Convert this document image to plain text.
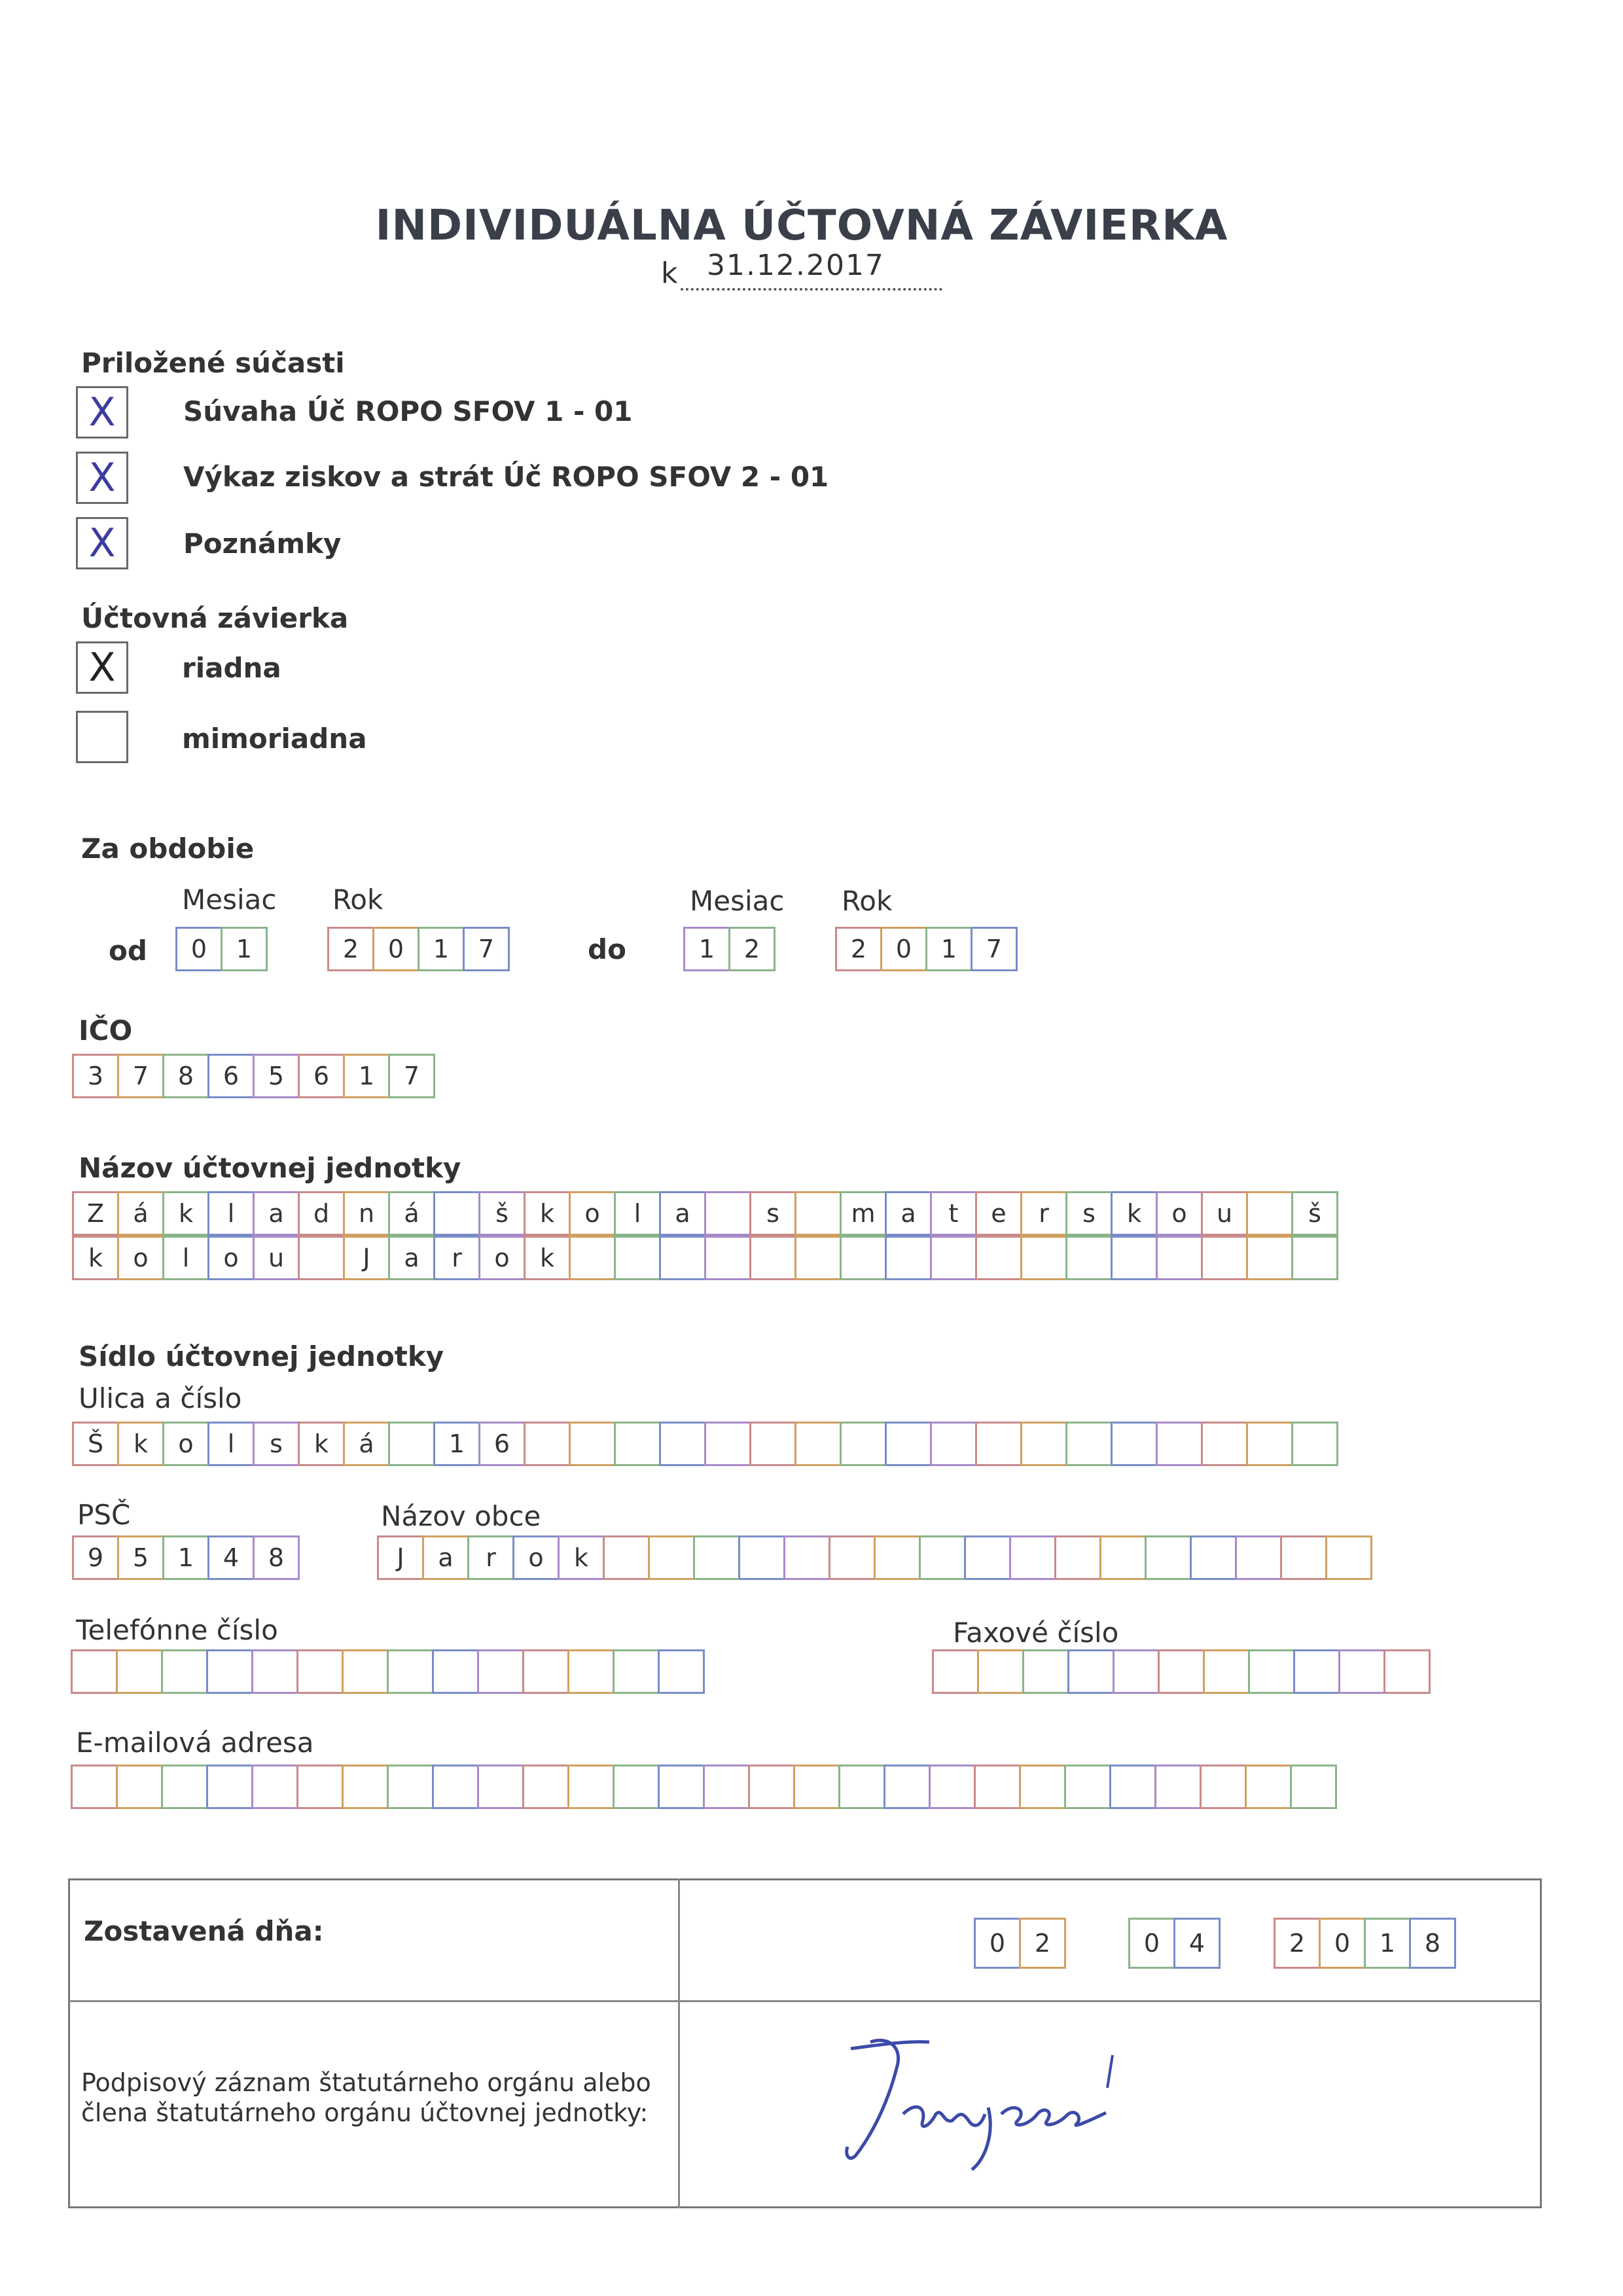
INDIVIDUÁLNA ÚČTOVNÁ ZÁVIERKA
k 31.12.2017
Priložené súčasti
X	Súvaha Úč ROPO SFOV 1 - 01
X	Výkaz ziskov a strát Úč ROPO SFOV 2 - 01
X	Poznámky
Účtovná závierka
X	riadna
mimoriadna
Za obdobie
Mesiac Rok	Mesiac Rok
od	0	1	2	0	1	7	do	1	2	2	0	1	7
IČO
3	7	8	6	5	6	1	7
Názov účtovnej jednotky
Z	á	k	l	a	d	n	á	š	k	o	l	a	s	m	a	t	e	r	s	k	o	u	š
k	o	l	o	u	J	a	r	o	k
Sídlo účtovnej jednotky
Ulica a číslo
Š	k	o	l	s	k	á	1	6
PSČ
9	5	1	4	8
Názov obce
J	a	r	o	k
Telefónne číslo	Faxové číslo
E-mailová adresa
Zostavená dňa:	0	2	0	4	2	0	1	8
Podpisový záznam štatutárneho orgánu alebo
člena štatutárneho orgánu účtovnej jednotky:
